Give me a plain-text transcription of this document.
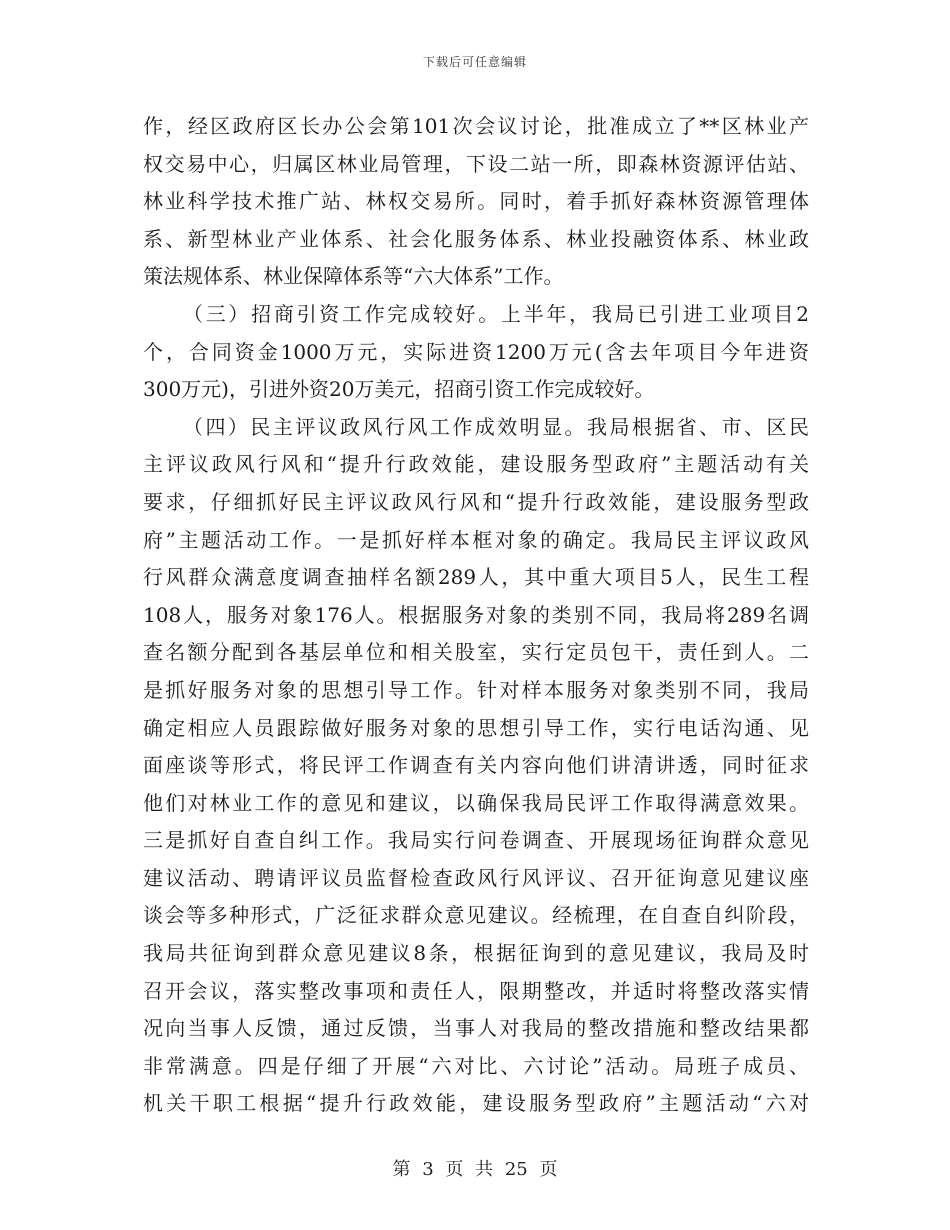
下载后可任意编辑
作，经区政府区长办公会第101次会议讨论，批准成立了**区林业产
权交易中心，归属区林业局管理，下设二站一所，即森林资源评估站、
林业科学技术推广站、林权交易所。同时，着手抓好森林资源管理体
系、新型林业产业体系、社会化服务体系、林业投融资体系、林业政
策法规体系、林业保障体系等“六大体系”工作。
（三）招商引资工作完成较好。上半年，我局已引进工业项目2
个，合同资金1000万元，实际进资1200万元(含去年项目今年进资
300万元)，引进外资20万美元，招商引资工作完成较好。
（四）民主评议政风行风工作成效明显。我局根据省、市、区民
主评议政风行风和“提升行政效能，建设服务型政府”主题活动有关
要求，仔细抓好民主评议政风行风和“提升行政效能，建设服务型政
府”主题活动工作。一是抓好样本框对象的确定。我局民主评议政风
行风群众满意度调查抽样名额289人，其中重大项目5人，民生工程
108人，服务对象176人。根据服务对象的类别不同，我局将289名调
查名额分配到各基层单位和相关股室，实行定员包干，责任到人。二
是抓好服务对象的思想引导工作。针对样本服务对象类别不同，我局
确定相应人员跟踪做好服务对象的思想引导工作，实行电话沟通、见
面座谈等形式，将民评工作调查有关内容向他们讲清讲透，同时征求
他们对林业工作的意见和建议，以确保我局民评工作取得满意效果。
三是抓好自查自纠工作。我局实行问卷调查、开展现场征询群众意见
建议活动、聘请评议员监督检查政风行风评议、召开征询意见建议座
谈会等多种形式，广泛征求群众意见建议。经梳理，在自查自纠阶段，
我局共征询到群众意见建议8条，根据征询到的意见建议，我局及时
召开会议，落实整改事项和责任人，限期整改，并适时将整改落实情
况向当事人反馈，通过反馈，当事人对我局的整改措施和整改结果都
非常满意。四是仔细了开展“六对比、六讨论”活动。局班子成员、
机关干职工根据“提升行政效能，建设服务型政府”主题活动“六对
第 3 页 共 25 页
